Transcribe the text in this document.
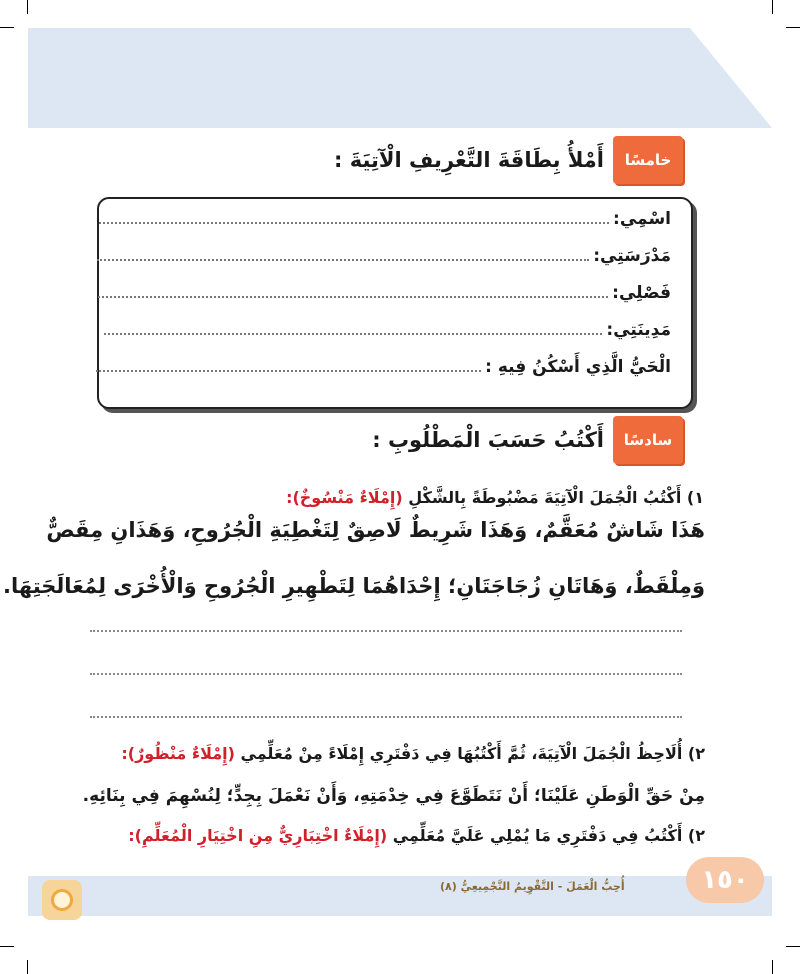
خامسًا
أَمْلأُ بِطَاقَةَ التَّعْرِيفِ الْآتِيَةَ :
اسْمِي:
مَدْرَسَتِي:
فَصْلِي:
مَدِينَتِي:
الْحَيُّ الَّذِي أَسْكُنُ فِيهِ :
سادسًا
أَكْتُبُ حَسَبَ الْمَطْلُوبِ :
١) أَكْتُبُ الْجُمَلَ الْآتِيَةَ مَضْبُوطَةً بِالشَّكْلِ (إِمْلَاءٌ مَنْسُوخٌ):
هَذَا شَاشٌ مُعَقَّمٌ، وَهَذَا شَرِيطٌ لَاصِقٌ لِتَغْطِيَةِ الْجُرُوحِ، وَهَذَانِ مِقَصٌّ
وَمِلْقَطٌ، وَهَاتَانِ زُجَاجَتَانِ؛ إِحْدَاهُمَا لِتَطْهِيرِ الْجُرُوحِ وَالْأُخْرَى لِمُعَالَجَتِهَا.
٢) أُلَاحِظُ الْجُمَلَ الْآتِيَةَ، ثُمَّ أَكْتُبُهَا فِي دَفْتَرِي إِمْلَاءً مِنْ مُعَلِّمِي (إِمْلَاءٌ مَنْظُورٌ):
مِنْ حَقِّ الْوَطَنِ عَلَيْنَا؛ أَنْ نَتَطَوَّعَ فِي خِدْمَتِهِ، وَأَنْ نَعْمَلَ بِجِدٍّ؛ لِنُسْهِمَ فِي بِنَائِهِ.
٢) أَكْتُبُ فِي دَفْتَرِي مَا يُمْلِي عَلَيَّ مُعَلِّمِي (إِمْلَاءٌ اخْتِبَارِيٌّ مِنِ اخْتِيَارِ الْمُعَلِّمِ):
١٥٠
أُحِبُّ الْعَمَلَ - التَّقْوِيمُ التَّجْمِيعِيُّ (٨)
